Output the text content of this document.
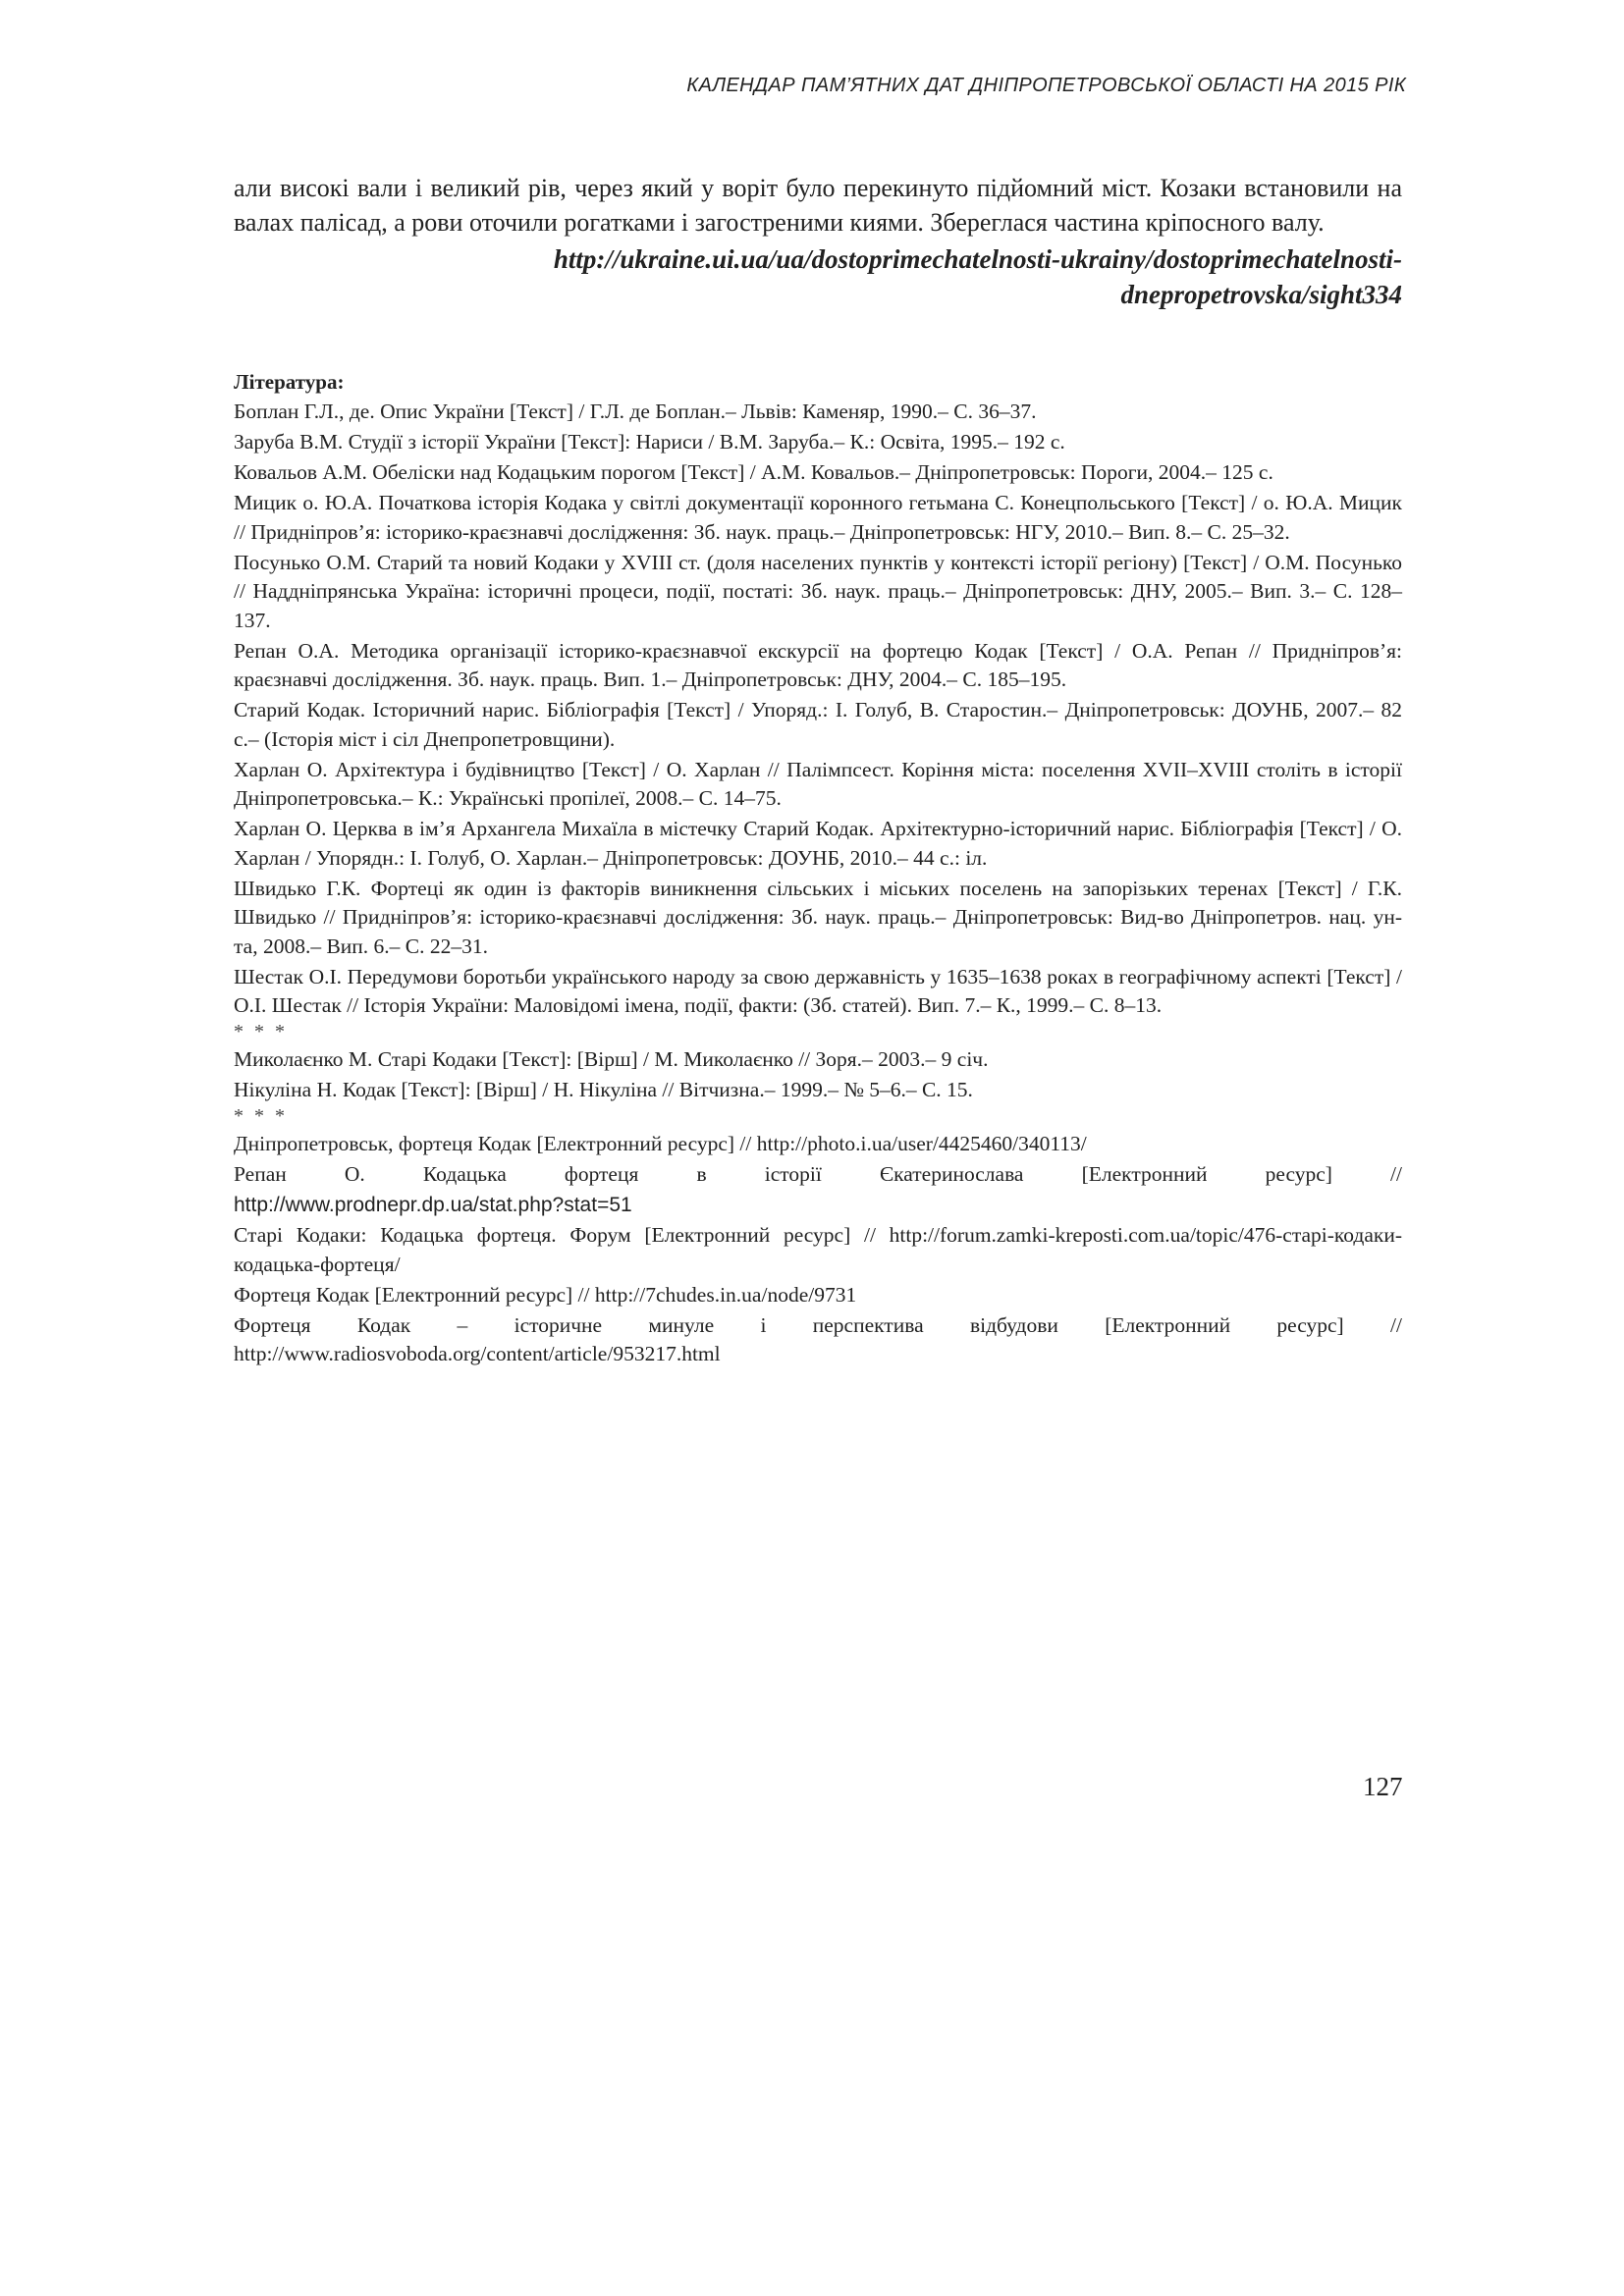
КАЛЕНДАР ПАМ’ЯТНИХ ДАТ ДНІПРОПЕТРОВСЬКОЇ ОБЛАСТІ НА 2015 РІК

али високі вали і великий рів, через який у воріт було перекинуто підйомний міст. Козаки встановили на валах палісад, а рови оточили рогатками і загостреними киями. Збереглася частина кріпосного валу.

http://ukraine.ui.ua/ua/dostoprimechatelnosti-ukrainy/dostoprimechatelnosti-dnepropetrovska/sight334

Література:
Боплан Г.Л., де. Опис України [Текст] / Г.Л. де Боплан.– Львів: Каменяр, 1990.– С. 36–37.
Заруба В.М. Студії з історії України [Текст]: Нариси / В.М. Заруба.– К.: Освіта, 1995.– 192 с.
Ковальов А.М. Обеліски над Кодацьким порогом [Текст] / А.М. Ковальов.– Дніпропетровськ: Пороги, 2004.– 125 с.
Мицик о. Ю.А. Початкова історія Кодака у світлі документації коронного гетьмана С. Конецпольського [Текст] / о. Ю.А. Мицик // Придніпров’я: історико-краєзнавчі дослідження: Зб. наук. праць.– Дніпропетровськ: НГУ, 2010.– Вип. 8.– С. 25–32.
Посунько О.М. Старий та новий Кодаки у XVIII ст. (доля населених пунктів у контексті історії регіону) [Текст] / О.М. Посунько // Наддніпрянська Україна: історичні процеси, події, постаті: Зб. наук. праць.– Дніпропетровськ: ДНУ, 2005.– Вип. 3.– С. 128–137.
Репан О.А. Методика організації історико-краєзнавчої екскурсії на фортецю Кодак [Текст] / О.А. Репан // Придніпров’я: краєзнавчі дослідження. Зб. наук. праць. Вип. 1.– Дніпропетровськ: ДНУ, 2004.– С. 185–195.
Старий Кодак. Історичний нарис. Бібліографія [Текст] / Упоряд.: І. Голуб, В. Старостин.– Дніпропетровськ: ДОУНБ, 2007.– 82 с.– (Історія міст і сіл Днепропетровщини).
Харлан О. Архітектура і будівництво [Текст] / О. Харлан // Палімпсест. Коріння міста: поселення XVII–XVIII століть в історії Дніпропетровська.– К.: Українські пропілеї, 2008.– С. 14–75.
Харлан О. Церква в ім’я Архангела Михаїла в містечку Старий Кодак. Архітектурно-історичний нарис. Бібліографія [Текст] / О. Харлан / Упорядн.: І. Голуб, О. Харлан.– Дніпропетровськ: ДОУНБ, 2010.– 44 с.: іл.
Швидько Г.К. Фортеці як один із факторів виникнення сільських і міських поселень на запорізьких теренах [Текст] / Г.К. Швидько // Придніпров’я: історико-краєзнавчі дослідження: Зб. наук. праць.– Дніпропетровськ: Вид-во Дніпропетров. нац. ун-та, 2008.– Вип. 6.– С. 22–31.
Шестак О.І. Передумови боротьби українського народу за свою державність у 1635–1638 роках в географічному аспекті [Текст] / О.І. Шестак // Історія України: Маловідомі імена, події, факти: (Зб. статей). Вип. 7.– К., 1999.– С. 8–13.
* * *
Миколаєнко М. Старі Кодаки [Текст]: [Вірш] / М. Миколаєнко // Зоря.– 2003.– 9 січ.
Нікуліна Н. Кодак [Текст]: [Вірш] / Н. Нікуліна // Вітчизна.– 1999.– № 5–6.– С. 15.
* * *
Дніпропетровськ, фортеця Кодак [Електронний ресурс] // http://photo.i.ua/user/4425460/340113/
Репан О. Кодацька фортеця в історії Єкатеринослава [Електронний ресурс] //
http://www.prodnepr.dp.ua/stat.php?stat=51
Старі Кодаки: Кодацька фортеця. Форум [Електронний ресурс] // http://forum.zamki-kreposti.com.ua/topic/476-старі-кодаки-кодацька-фортеця/
Фортеця Кодак [Електронний ресурс] // http://7chudes.in.ua/node/9731
Фортеця Кодак – історичне минуле і перспектива відбудови [Електронний ресурс] // http://www.radiosvoboda.org/content/article/953217.html
127
